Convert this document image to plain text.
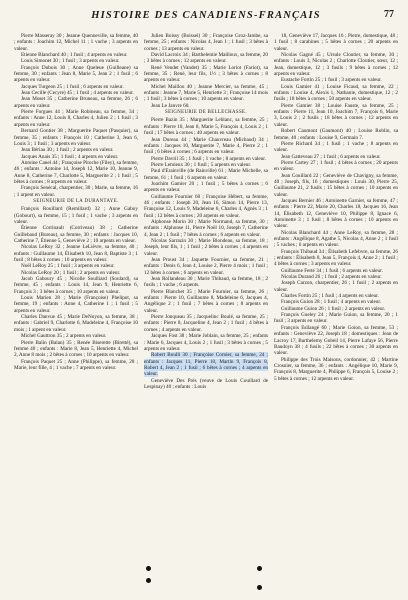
HISTOIRE DES CANADIENS-FRANÇAIS	77

Pierre Masseray 30 ; Jeanne Quenneville, sa femme, 40 ; enfants : Joachim 12, Michel 11 ; 1 vache ; 3 arpents en valeur.

Etienne Blanchard 40 ; 1 fusil ; 4 arpents en valeur.

Louis Simonet 30 ; 1 fusil ; 3 arpents en valeur.

François Dubois 30 ; Anne Queleue (Guilleane) sa femme, 30 ; enfants : Jean 8, Marie 5, Jean 2 ; 1 fusil ; 6 arpents en valeur.

Jacques Turgeon 25 ; 1 fusil ; 6 arpents en valeur.

Jean Cecille (Cecyre) 45 ; 1 fusil ; 4 arpents en valeur.

Jean Moset 35 ; Catherine Bruneau, sa femme, 26 ; 6 arpents en valeur.

Pierre Forgues 44 ; Marie Robineau, sa femme, 34 ; enfants : Anne 12, Louis 8, Charles 4, Julien 2 ; 1 fusil ; 3 arpents en valeur.

Bernard Gontier 38 ; Marguerite Paquet (Pasquier), sa femme, 35 ; enfants : François 10 ; Catherine 3, Jean 6, Louis 3 ; 1 fusil ; 3 arpents en valeur.

Jean Bériau 30 ; 1 fusil ; 2 arpents en valeur.

Jacques Anais 35 ; 1 fusil ; 4 arpents en valeur.

Antoine Canel 44 ; Françoise Pitoche (Filey), sa femme, 46 ; enfants : Antoine 14, Joseph 12, Marie 10, Jeanne 9, Anne 8, Catherine 7, Charlotte 5, Marguerite 2 ; 1 fusil ; 5 bêtes à cornes ; 8 arpents en valeur.

François Senécal, charpentier, 30 ; Marie, sa femme, 16 ; 1 arpent en valeur.

SEIGNEURIE DE LA DURANTAYE.

François Rouillard (Remillard) 32 ; Anne Gaboy (Gobourt), sa femme, 15 ; 1 fusil ; 1 vache ; 3 arpents en valeur.

Étienne Corrinault (Corriveau) 38 ; Catherine Guillebaud (Bureau), sa femme, 30 ; enfants : Jacques 10, Catherine 7, Étienne 5, Geneviève 2 ; 10 arpents en valeur.

Nicolas LeRoy 32 ; Jeanne LeLièvre, sa femme, 40 ; enfants : Guillaume 14, Élisabeth 10, Jean 8, Baptiste 3 ; 1 fusil ; 8 bêtes à cornes ; 10 arpents en valeur.

Noël LeRoy 25 ; 1 fusil ; 3 arpents en valeur.

Nicolas LeRoy 20 ; 1 fusil ; 2 arpents en valeur.

Jacob Gaboury 45 ; Nicolle Soulliard (Soulard), sa femme, 45 ; enfants : Louis 14, Jean 9, Henriette 6, François 3 ; 3 bêtes à cornes ; 10 arpents en valeur.

Louis Marien 28 ; Marie (Françoise) Phelipot, sa femme, 19 ; enfants : Anne 4, Catherine 1 ; 1 fusil ; 5 arpents en valeur.

Charles Danvue 45 ; Marie DeNoyon, sa femme, 38 ; enfants : Gabriel 9, Charlotte 6, Madeleine 4, Françoise 10 mois ; 1 arpent en valeur.

Michel Gauttron 35 ; 2 arpents en valeur.

Pierre Balin (Balan) 35 ; Renée Biserette (Biretté), sa femme 40 ; enfants : Marie 8, Jean 5, Henriette 4, Michel 2, Anne 8 mois ; 2 bêtes à cornes ; 10 arpents en valeur.

François Paquet 25 ; Anne (Philippe), sa femme, 28 ; Marie, leur fille, 4 ; 1 vache ; 7 arpents en valeur.

Julien Boissy (Boissel) 30 ; Françoise Groz-Jambe, sa femme, 25 ; enfants : Nicolas 4, Jean 1 ; 1 fusil ; 3 bêtes à cornes ; 13 arpents en valeur.

David Lacroix 34 ; Barthelemie Mailloux, sa femme, 20 ; 3 bêtes à cornes ; 12 arpents en valeur.

René Vendet (Vandet) 35 ; Marie Loriot (Fariot), sa femme, 35 ; René, leur fils, 1½ ; 3 bêtes à cornes ; 8 arpents en valeur.

Michel Maillou 40 ; Jeanne Mercier, sa femme, 45 ; enfants : Jeanne 7, Marie 5, Henriette 3 ; Françoise 14 mois ; 1 fusil ; 3 bêtes à cornes ; 10 arpents en valeur.

Jean Le Janvre 60.

SEIGNEURIE DE BELLECHASSE.

Pierre Bazin 35 ; Marguerite Leblanc, sa femme, 25 ; enfants : Pierre 10, Jean 8, Marie 5, François 4, Louis 2 ; 1 fusil ; 17 bêtes à cornes ; 40 arpents en valeur.

Jean Dureau 44 ; Marie Chauvreau (Michaud) 34 ; enfants : Jacques 10, Marguerite 7, Marie 4, Pierre 2 ; 1 fusil ; 6 bêtes à cornes ; 6 arpents en valeur.

Pierre Davril 35 ; 1 fusil ; 1 vache ; 8 arpents en valeur.

Pierre Lemieux 30 ; 1 fusil ; 5 arpents en valeur.

Paul d'Erainville (de Rainville) 61 ; Marie Michelle, sa femme, 61 ; 1 fusil ; 6 arpents en valeur.

Joachim Gamier 20 ; 1 fusil ; 5 bêtes à cornes ; 6 arpents en valeur.

Guillaume Fournier 60 ; Françoise Hébert, sa femme, 46 ; enfants : Joseph 20, Jean 16, Simon 14, Pierre 13, Françoise 12, Louis 9, Madeleine 6, Charles 4, Agnès 3 ; 1 fusil ; 12 bêtes à cornes ; 20 arpents en valeur.

Alphonse Morin 30 ; Marie Normand, sa femme, 30 ; enfants : Alphonse 11, Pierre Noël 10, Joseph 7, Catherine 4, Jean 2 ; 1 fusil ; 7 bêtes à cornes ; 6 arpents en valeur.

Nicolas Sarrazin 30 ; Marie Blondeau, sa femme, 18 ; Joseph, leur fils, 1 ; 1 fusil ; 2 bêtes à cornes ; 4 arpents en valeur.

Jean Proust 34 ; Jaquette Fournier, sa femme, 21 ; enfants : Denis 6, Jean 4, Louise 2, Pierre 4 mois ; 1 fusil ; 12 bêtes à cornes ; 6 arpents en valeur.

Jean Rollandeau 30 ; Marie Thibaud, sa femme, 18 ; 2 fusils ; 1 vache ; 6 arpents.

Pierre Blanchet 35 ; Marie Fournier, sa femme, 26 ; enfants : Pierre 10, Guillaume 8, Madeleine 6, Jacques 4, Angélique 2 ; 1 fusil ; 7 bêtes à cornes ; 8 arpents en valeur.

Pierre Jonqueau 35 ; Jacquelinc Boulé, sa femme, 25 ; enfants : Pierre 8, Jacqueline 4, Jean 2 ; 1 fusil ; 4 bêtes à cornes ; 4 arpents en valeur.

Jacques Fost 38 ; Marie Joblain, sa femme, 25 ; enfants : Marie 6, Jacques 4, Louis 2 ; 1 fusil ; 3 bêtes à cornes ; 5 arpents en valeur.

Robert Boulli 30 ; Françoise Cornier, sa femme, 24 ; enfants : Jacques 11, Pierre 10, Martin 9, François 8, Robert 4, Jean 2 ; 1 fusil ; 6 bêtes à cornes ; 4 arpents en valeur.

Geneviève Des Prés (veuve de Louis Couillard de Lespinay) 40 ; enfants : Louis

18, Geneviève 17, Jacques 16 ; Pierre, domestique, 48 ; 1 fusil ; 8 carabines ; 5 bêtes à cornes ; 20 arpents en valeur.

Nicolas Gagné 45 ; Ursule Cloutier, sa femme, 30 ; enfants : Louis 3, Nicolas 2 ; Charlotte Cloutier, sœur, 12 ; Jean, domestique, 12 ; 3 fusils ; 9 bêtes à cornes ; 12 arpents en valeur.

Eustache Fortin 25 ; 1 fusil ; 3 arpents en valeur.

Louis Gamier 41 ; Louise Ficaud, sa femme, 22 ; enfants : Louise 4, Alexis 1, Nathanie, domestique, 12 ; 2 fusils ; 18 bêtes à cornes ; 50 arpents en valeur.

Pierre Gamier 38 ; Louise Fauste, sa femme, 25 ; enfants : Pierre 11, Jean 10, Joachim 7, François 6, Marie 3, Louis 2 ; 2 fusils ; 18 bêtes à cornes ; 12 arpents en valeur.

Robert Caumont (Gaumont) 40 ; Louise Roblin, sa femme, 40 ; enfants : Louise 9, Germain 7.

Pierre Richard 34 ; 1 fusil ; 1 vache ; 8 arpents en valeur.

Jean Gatteveau 27 ; 1 fusil ; 6 arpents en valeur.

Pierre Cartey 27 ; 1 fusil ; 4 bêtes à cornes ; 20 arpents en valeur.

Jean Couillard 22 ; Geneviève de Chavigny, sa femme, 40 ; Joseph, fils, 16 ; domestiques : Louis 30, Pierre 25, Guillaume 21, 2 fusils ; 15 bêtes à cornes ; 10 arpents en valeur.

Jacques Bernier 46 ; Antoinette Garnier, sa femme, 47 ; enfants : Pierre 22, Marie 20, Charles 18, Jacques 16, Jean 14, Élisabeth 12, Geneviève 10, Philippe 8, Ignace 6, Antoinette 3 ; 1 fusil ; 8 bêtes à cornes ; 10 arpents en valeur.

Nicolas Blanchard 44 ; Anne LeRoy, sa femme, 28 ; enfants : Angélique 8, Agathe 5, Nicolas 4, Anne 2 ; 1 fusil ; 5 vaches ; 6 arpents en valeur.

François Thibaud 34 ; Élisabeth Lefebvre, sa femme, 26 ; enfants : Élisabeth 8, Jean 5, François 4, Anne 2 ; 1 fusil ; 4 bêtes à cornes ; 3 arpents en valeur.

Guillaume Ferté 34 ; 1 fusil ; 6 arpents en valeur.

Nicolas Durand 26 ; 1 fusil ; 2 arpents en valeur.

Joseph Carzon, charpentier, 26 ; 1 fusil ; 2 arpents en valeur.

Charles Fortin 25 ; 1 fusil ; 4 arpents en valeur.

François Guion 28 ; 1 fusil ; 4 arpents en valeur.

Guillaume Guion 26 ; 1 fusil ; 2 arpents en valeur.

François Gueley 24 ; Marie Guion, sa femme, 20 ; 1 fusil ; 3 arpents en valeur.

François Esllangé 60 ; Marie Goion, sa femme, 53 ; enfants : Geneviève 22, Joseph 18 ; domestiques : Jean de Lacroy 17, Barthelemy Gobeil 14, Pierre Lafaye 56, Pierre Baudoyn 38 ; 4 fusils ; 22 bêtes à cornes ; 30 arpents en valeur.

Philippe des Trois Maisons, cordonnier, 42 ; Martine Crosnier, sa femme, 36 ; enfants : Angélique 10, Marie 9, François 8, Marguerite 4, Philippe 6, François 5, Louise 2 ; 5 bêtes à cornes ; 12 arpents en valeur.
